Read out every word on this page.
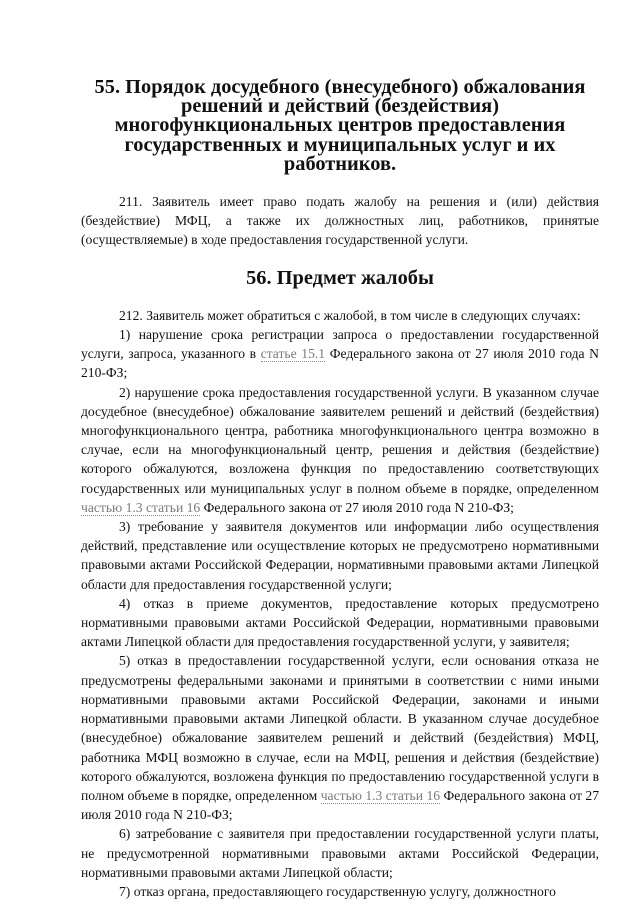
55. Порядок досудебного (внесудебного) обжалования решений и действий (бездействия) многофункциональных центров предоставления государственных и муниципальных услуг и их работников.

211. Заявитель имеет право подать жалобу на решения и (или) действия (бездействие) МФЦ, а также их должностных лиц, работников, принятые (осуществляемые) в ходе предоставления государственной услуги.

56. Предмет жалобы

212. Заявитель может обратиться с жалобой, в том числе в следующих случаях:

1) нарушение срока регистрации запроса о предоставлении государственной услуги, запроса, указанного в статье 15.1 Федерального закона от 27 июля 2010 года N 210-ФЗ;

2) нарушение срока предоставления государственной услуги. В указанном случае досудебное (внесудебное) обжалование заявителем решений и действий (бездействия) многофункционального центра, работника многофункционального центра возможно в случае, если на многофункциональный центр, решения и действия (бездействие) которого обжалуются, возложена функция по предоставлению соответствующих государственных или муниципальных услуг в полном объеме в порядке, определенном частью 1.3 статьи 16 Федерального закона от 27 июля 2010 года N 210-ФЗ;

3) требование у заявителя документов или информации либо осуществления действий, представление или осуществление которых не предусмотрено нормативными правовыми актами Российской Федерации, нормативными правовыми актами Липецкой области для предоставления государственной услуги;

4) отказ в приеме документов, предоставление которых предусмотрено нормативными правовыми актами Российской Федерации, нормативными правовыми актами Липецкой области для предоставления государственной услуги, у заявителя;

5) отказ в предоставлении государственной услуги, если основания отказа не предусмотрены федеральными законами и принятыми в соответствии с ними иными нормативными правовыми актами Российской Федерации, законами и иными нормативными правовыми актами Липецкой области. В указанном случае досудебное (внесудебное) обжалование заявителем решений и действий (бездействия) МФЦ, работника МФЦ возможно в случае, если на МФЦ, решения и действия (бездействие) которого обжалуются, возложена функция по предоставлению государственной услуги в полном объеме в порядке, определенном частью 1.3 статьи 16 Федерального закона от 27 июля 2010 года N 210-ФЗ;

6) затребование с заявителя при предоставлении государственной услуги платы, не предусмотренной нормативными правовыми актами Российской Федерации, нормативными правовыми актами Липецкой области;

7) отказ органа, предоставляющего государственную услугу, должностного
